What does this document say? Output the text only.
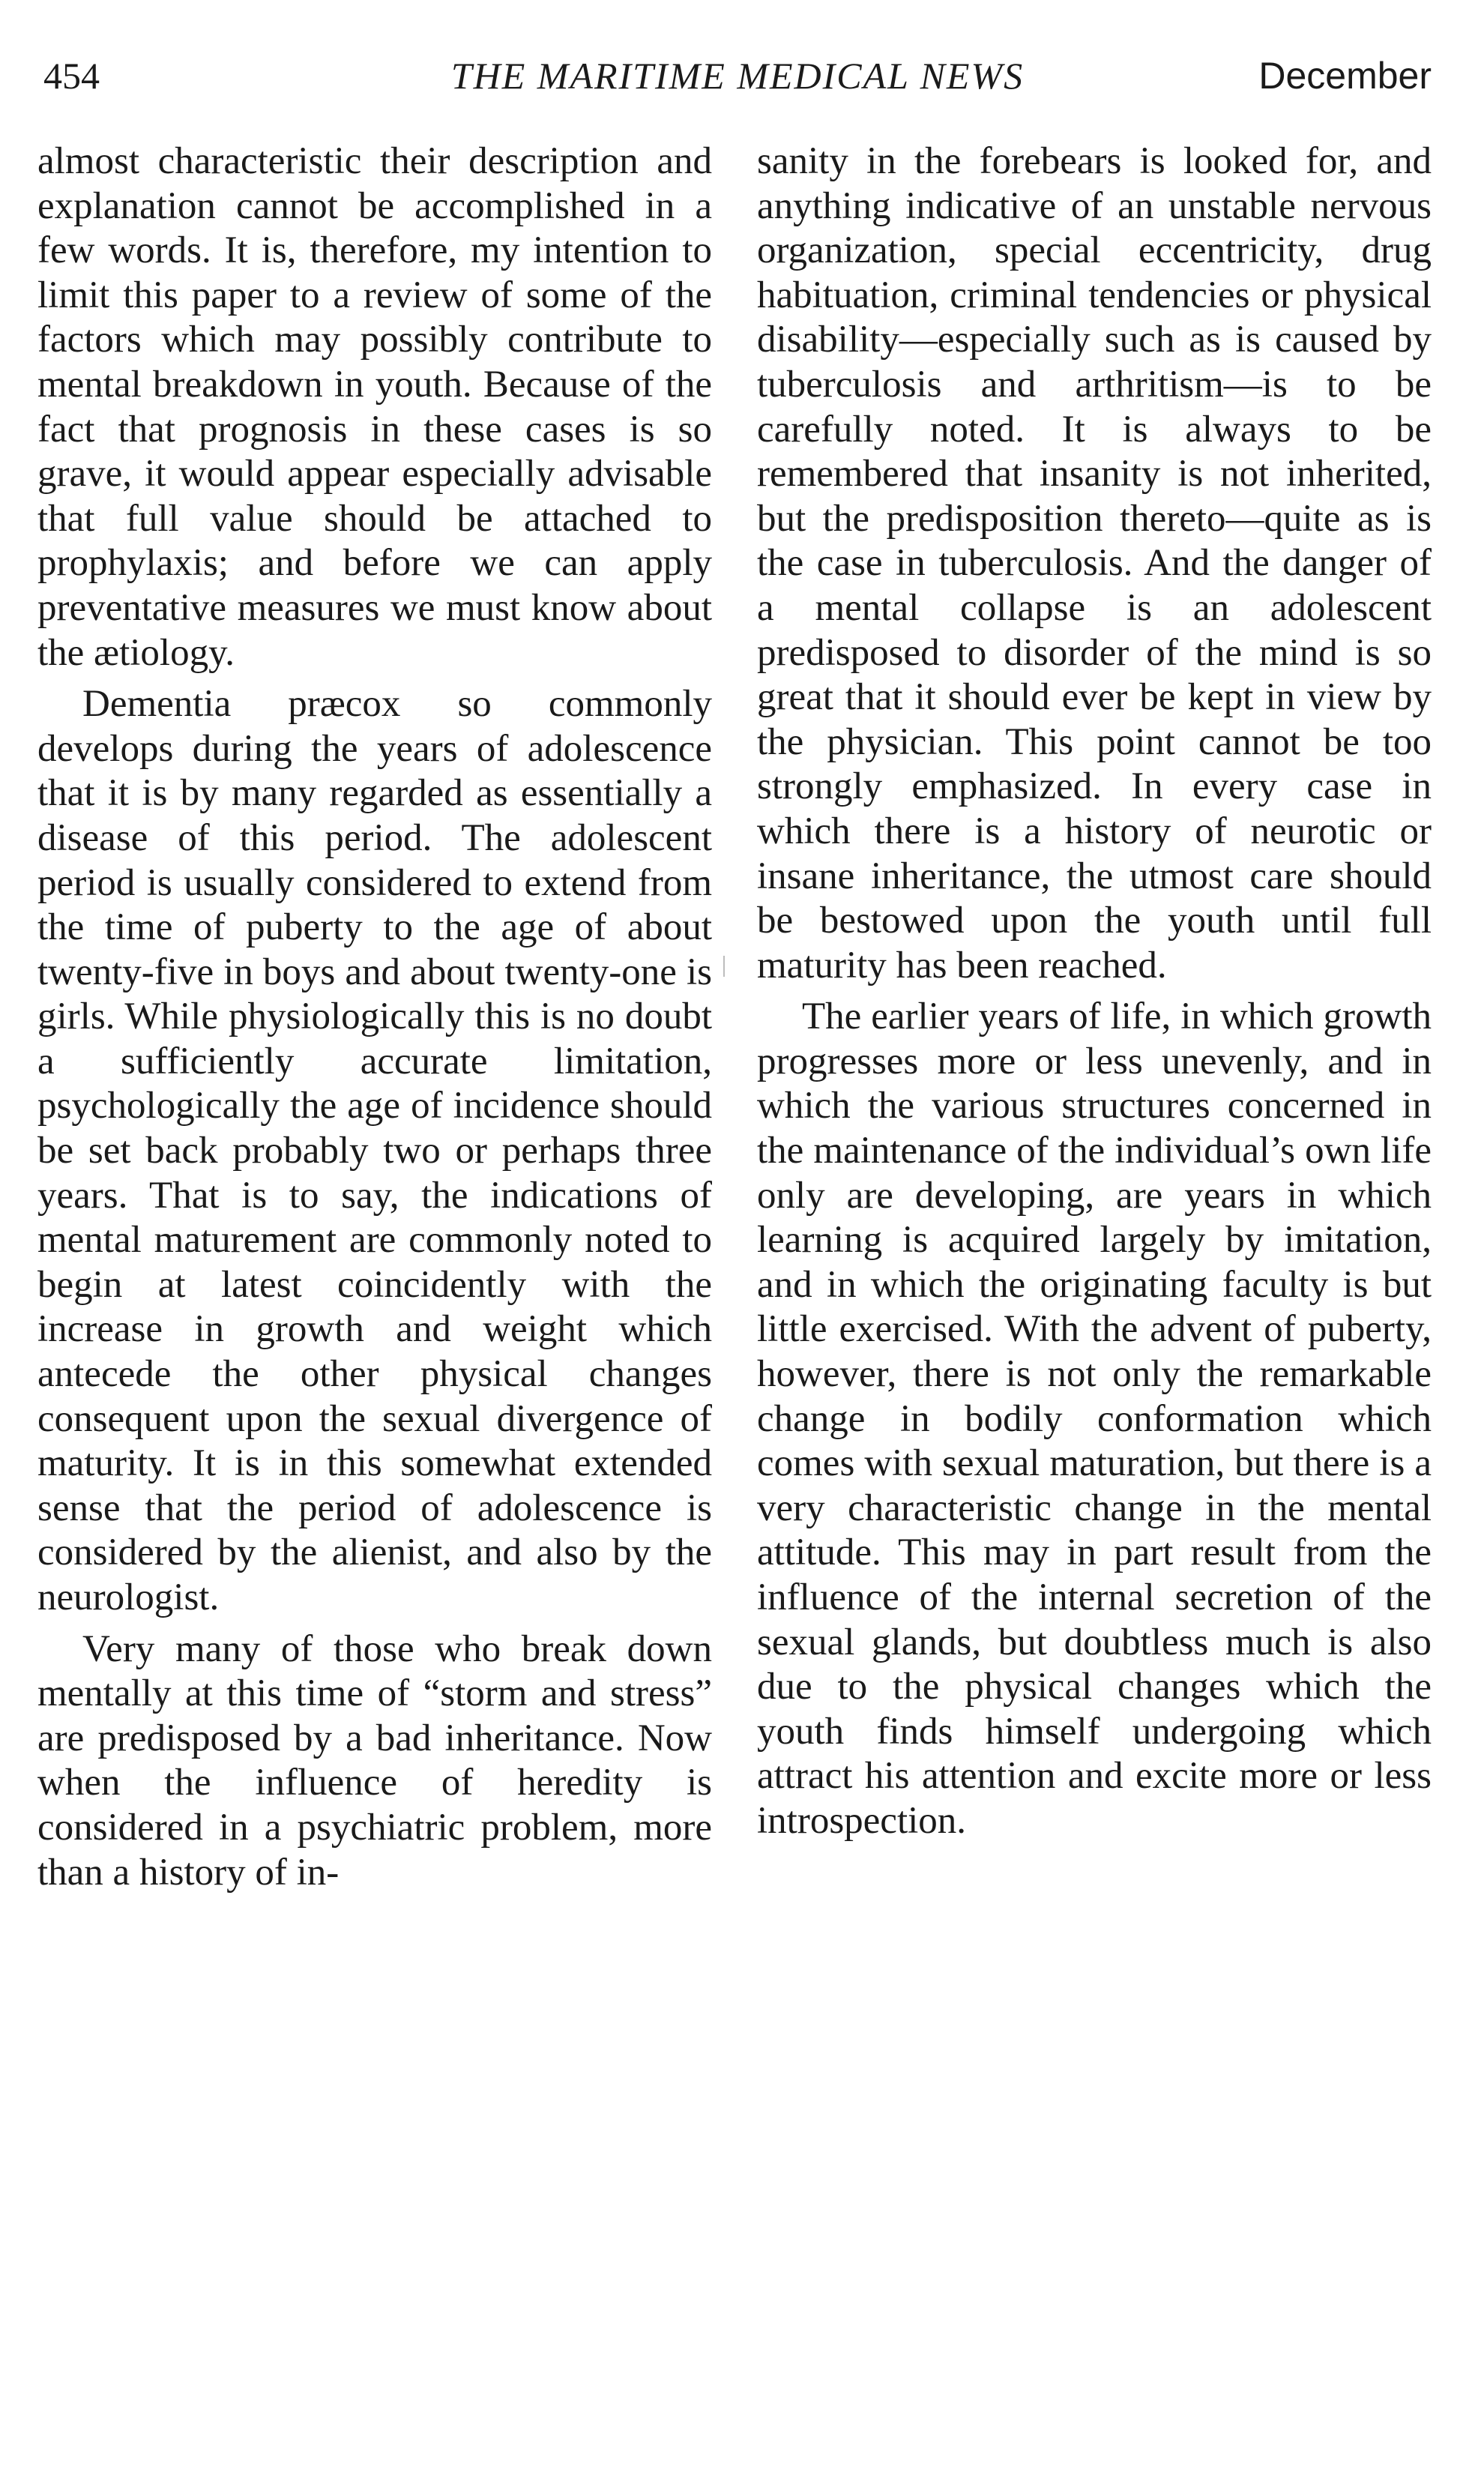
454	THE MARITIME MEDICAL NEWS	December

almost characteristic their description and explanation cannot be accomplished in a few words. It is, therefore, my intention to limit this paper to a review of some of the factors which may possibly contribute to mental breakdown in youth. Because of the fact that prognosis in these cases is so grave, it would appear especially advisable that full value should be attached to prophylaxis; and before we can apply preventative measures we must know about the ætiology.

Dementia præcox so commonly develops during the years of adolescence that it is by many regarded as essentially a disease of this period. The adolescent period is usually considered to extend from the time of puberty to the age of about twenty-five in boys and about twenty-one is girls. While physiologically this is no doubt a sufficiently accurate limitation, psychologically the age of incidence should be set back probably two or perhaps three years. That is to say, the indications of mental maturement are commonly noted to begin at latest coincidently with the increase in growth and weight which antecede the other physical changes consequent upon the sexual divergence of maturity. It is in this somewhat extended sense that the period of adolescence is considered by the alienist, and also by the neurologist.

Very many of those who break down mentally at this time of “storm and stress” are predisposed by a bad inheritance. Now when the influence of heredity is considered in a psychiatric problem, more than a history of in-

sanity in the forebears is looked for, and anything indicative of an unstable nervous organization, special eccentricity, drug habituation, criminal tendencies or physical disability—especially such as is caused by tuberculosis and arthritism—is to be carefully noted. It is always to be remembered that insanity is not inherited, but the predisposition thereto—quite as is the case in tuberculosis. And the danger of a mental collapse is an adolescent predisposed to disorder of the mind is so great that it should ever be kept in view by the physician. This point cannot be too strongly emphasized. In every case in which there is a history of neurotic or insane inheritance, the utmost care should be bestowed upon the youth until full maturity has been reached.

The earlier years of life, in which growth progresses more or less unevenly, and in which the various structures concerned in the maintenance of the individual’s own life only are developing, are years in which learning is acquired largely by imitation, and in which the originating faculty is but little exercised. With the advent of puberty, however, there is not only the remarkable change in bodily conformation which comes with sexual maturation, but there is a very characteristic change in the mental attitude. This may in part result from the influence of the internal secretion of the sexual glands, but doubtless much is also due to the physical changes which the youth finds himself undergoing which attract his attention and excite more or less introspection.
